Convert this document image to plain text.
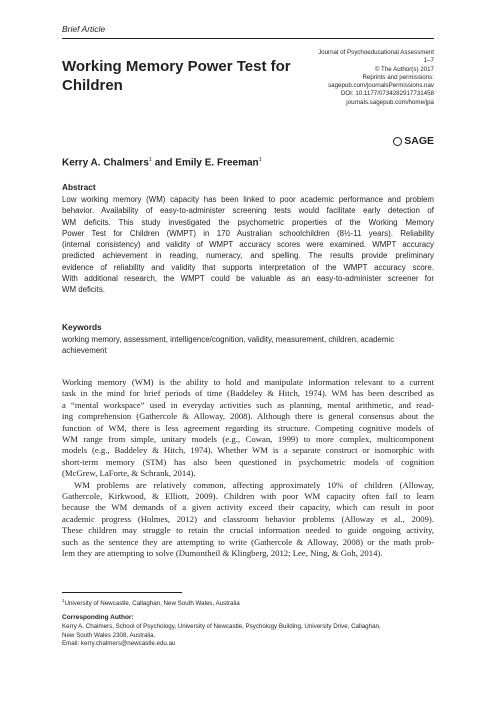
Brief Article
Working Memory Power Test for
Children
Journal of Psychoeducational Assessment
1–7
© The Author(s) 2017
Reprints and permissions:
sagepub.com/journalsPermissions.nav
DOI: 10.1177/0734282917731458
journals.sagepub.com/home/jpa
SAGE
Kerry A. Chalmers$^1$ and Emily E. Freeman$^1$
Abstract
Low working memory (WM) capacity has been linked to poor academic performance and problem
behavior. Availability of easy-to-administer screening tests would facilitate early detection of
WM deficits. This study investigated the psychometric properties of the Working Memory
Power Test for Children (WMPT) in 170 Australian schoolchildren (8½-11 years). Reliability
(internal consistency) and validity of WMPT accuracy scores were examined. WMPT accuracy
predicted achievement in reading, numeracy, and spelling. The results provide preliminary
evidence of reliability and validity that supports interpretation of the WMPT accuracy score.
With additional research, the WMPT could be valuable as an easy-to-administer screener for
WM deficits.
Keywords
working memory, assessment, intelligence/cognition, validity, measurement, children, academic
achievement
Working memory (WM) is the ability to hold and manipulate information relevant to a current
task in the mind for brief periods of time (Baddeley & Hitch, 1974). WM has been described as
a “mental workspace” used in everyday activities such as planning, mental arithmetic, and read-
ing comprehension (Gathercole & Alloway, 2008). Although there is general consensus about the
function of WM, there is less agreement regarding its structure. Competing cognitive models of
WM range from simple, unitary models (e.g., Cowan, 1999) to more complex, multicomponent
models (e.g., Baddeley & Hitch, 1974). Whether WM is a separate construct or isomorphic with
short-term memory (STM) has also been questioned in psychometric models of cognition
(McGrew, LaForte, & Schrank, 2014).
WM problems are relatively common, affecting approximately 10% of children (Alloway,
Gathercole, Kirkwood, & Elliott, 2009). Children with poor WM capacity often fail to learn
because the WM demands of a given activity exceed their capacity, which can result in poor
academic progress (Holmes, 2012) and classroom behavior problems (Alloway et al., 2009).
These children may struggle to retain the crucial information needed to guide ongoing activity,
such as the sentence they are attempting to write (Gathercole & Alloway, 2008) or the math prob-
lem they are attempting to solve (Dumontheil & Klingberg, 2012; Lee, Ning, & Goh, 2014).
$^1$University of Newcastle, Callaghan, New South Wales, Australia
Corresponding Author:
Kerry A. Chalmers, School of Psychology, University of Newcastle, Psychology Building, University Drive, Callaghan,
New South Wales 2308, Australia.
Email: kerry.chalmers@newcastle.edu.au
